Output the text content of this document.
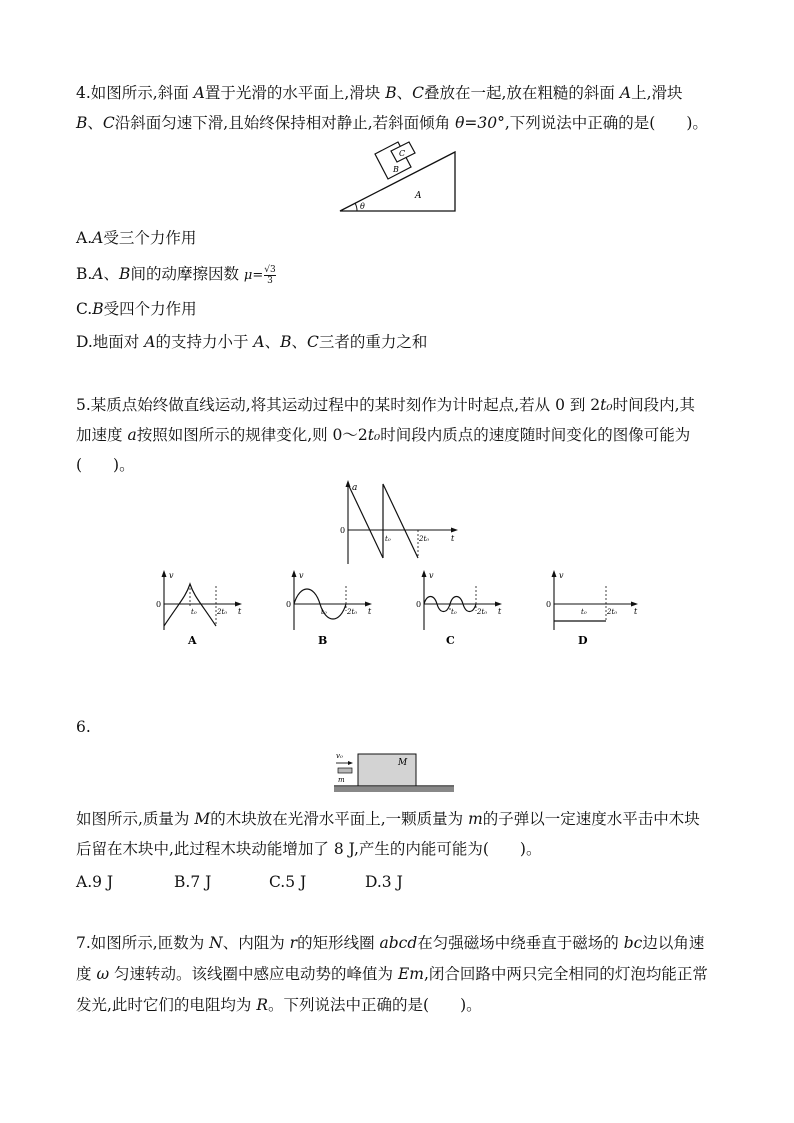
4.如图所示,斜面 A置于光滑的水平面上,滑块 B、C叠放在一起,放在粗糙的斜面 A上,滑块
B、C沿斜面匀速下滑,且始终保持相对静止,若斜面倾角 θ=30°,下列说法中正确的是(　　)。
θ
A
B
C
A.A受三个力作用
B.A、B间的动摩擦因数 $\mu= \frac{√3}{3}$
C.B受四个力作用
D.地面对 A的支持力小于 A、B、C三者的重力之和
5.某质点始终做直线运动,将其运动过程中的某时刻作为计时起点,若从 0 到 2t₀时间段内,其
加速度 a按照如图所示的规律变化,则 0～2t₀时间段内质点的速度随时间变化的图像可能为
(　　)。
a
0
t
t₀	2t₀
v
0
t
t₀	2t₀
A
v
0
t
t₀	2t₀
B
v
0
t
t₀	2t₀
C
v
0
t
t₀	2t₀
D
6.
v₀
m
M
如图所示,质量为 M的木块放在光滑水平面上,一颗质量为 m的子弹以一定速度水平击中木块
后留在木块中,此过程木块动能增加了 8 J,产生的内能可能为(　　)。
A.9 J	B.7 J	C.5 J	D.3 J
7.如图所示,匝数为 N、内阻为 r的矩形线圈 abcd在匀强磁场中绕垂直于磁场的 bc边以角速
度 ω 匀速转动。该线圈中感应电动势的峰值为 Em,闭合回路中两只完全相同的灯泡均能正常
发光,此时它们的电阻均为 R。下列说法中正确的是(　　)。
